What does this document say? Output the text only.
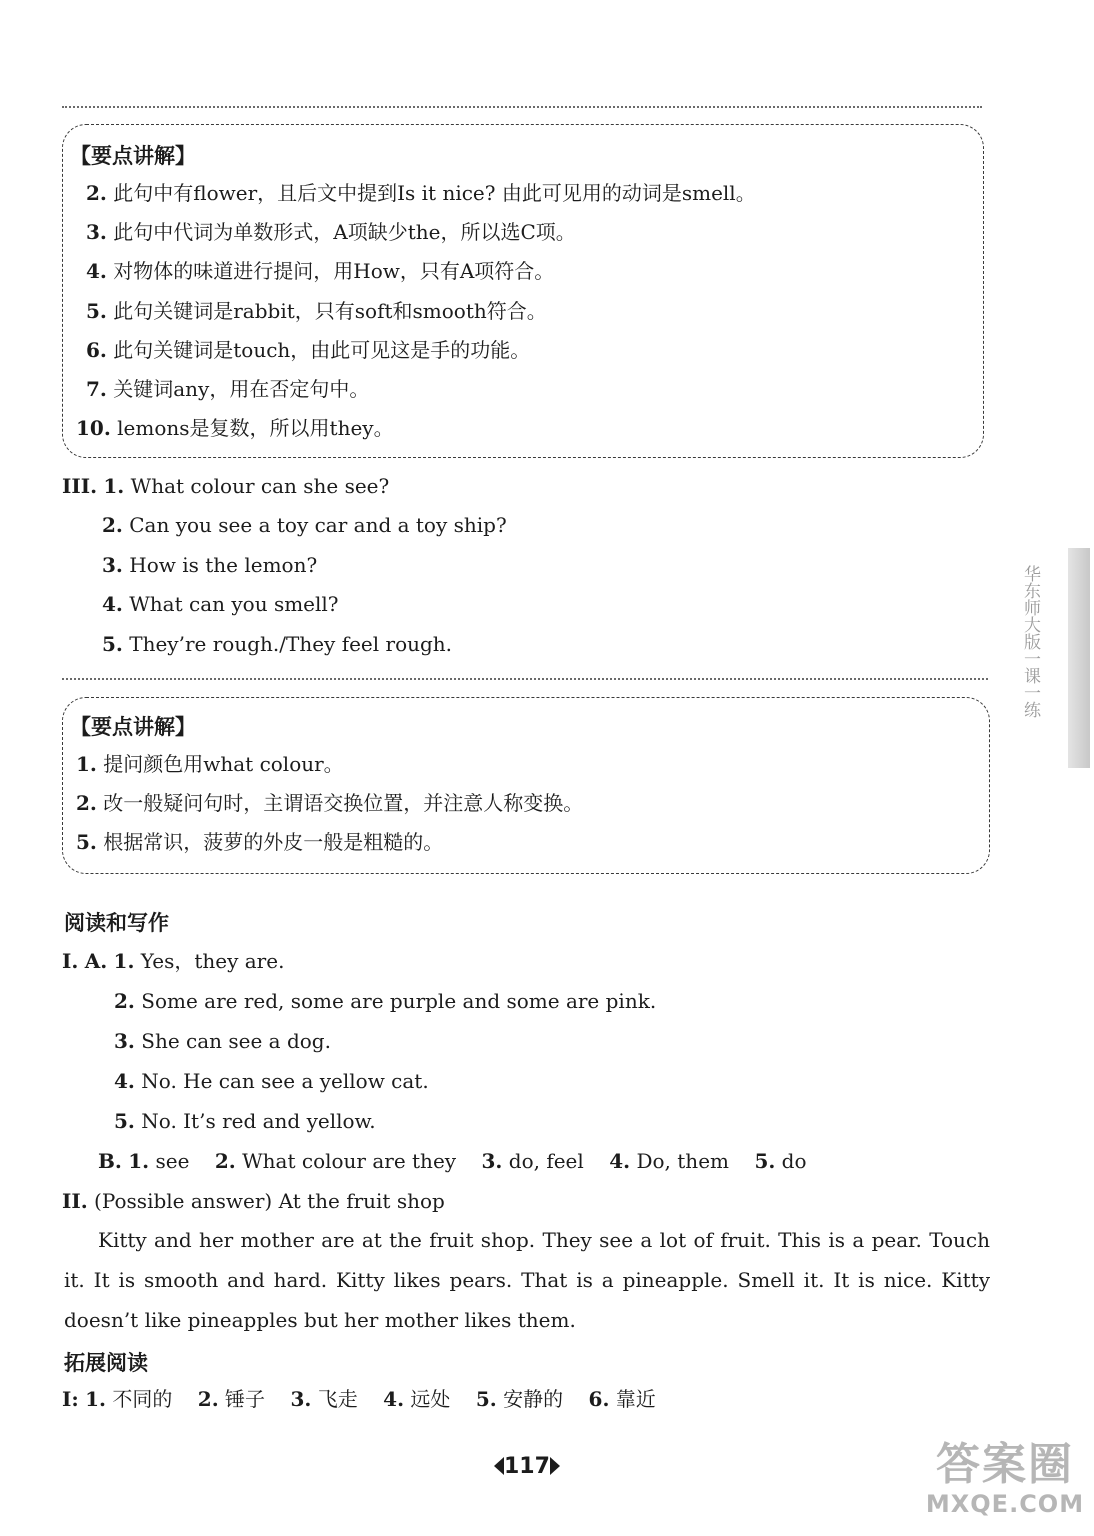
【要点讲解】
2. 此句中有flower，且后文中提到Is it nice? 由此可见用的动词是smell。
3. 此句中代词为单数形式，A项缺少the，所以选C项。
4. 对物体的味道进行提问，用How，只有A项符合。
5. 此句关键词是rabbit，只有soft和smooth符合。
6. 此句关键词是touch，由此可见这是手的功能。
7. 关键词any，用在否定句中。
10. lemons是复数，所以用they。
III. 1. What colour can she see?
2. Can you see a toy car and a toy ship?
3. How is the lemon?
4. What can you smell?
5. They’re rough./They feel rough.
【要点讲解】
1. 提问颜色用what colour。
2. 改一般疑问句时，主谓语交换位置，并注意人称变换。
5. 根据常识，菠萝的外皮一般是粗糙的。
阅读和写作
I. A. 1. Yes，they are.
2. Some are red, some are purple and some are pink.
3. She can see a dog.
4. No. He can see a yellow cat.
5. No. It’s red and yellow.
B. 1. see 2. What colour are they 3. do, feel 4. Do, them 5. do
II. (Possible answer) At the fruit shop
Kitty and her mother are at the fruit shop. They see a lot of fruit. This is a pear. Touch it. It is smooth and hard. Kitty likes pears. That is a pineapple. Smell it. It is nice. Kitty doesn’t like pineapples but her mother likes them.
拓展阅读
I: 1. 不同的 2. 锤子 3. 飞走 4. 远处 5. 安静的 6. 靠近
华东师大版一课一练
117	答案圈
MXQE.COM
